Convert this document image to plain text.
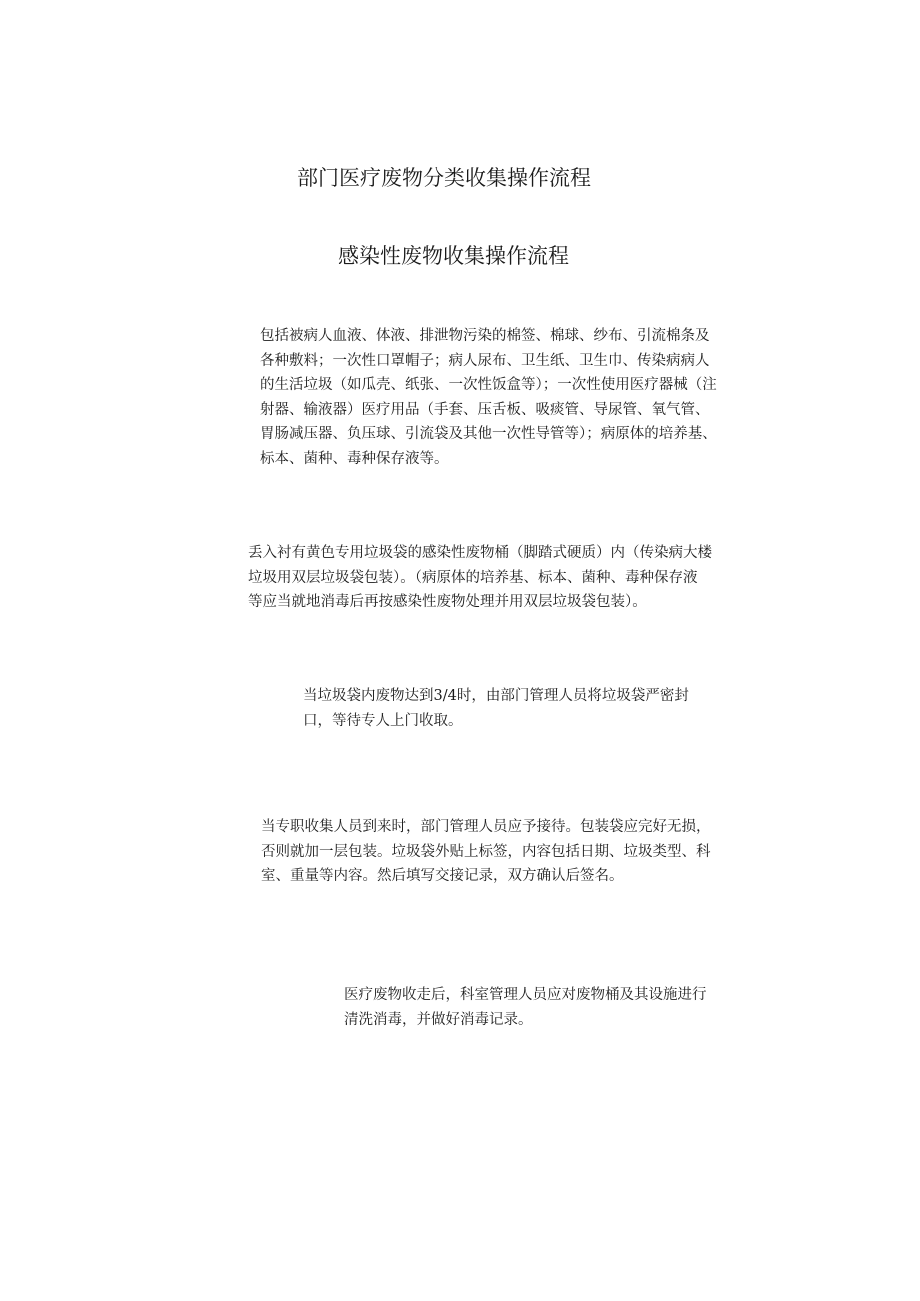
部门医疗废物分类收集操作流程
感染性废物收集操作流程
包括被病人血液、体液、排泄物污染的棉签、棉球、纱布、引流棉条及
各种敷料；一次性口罩帽子；病人尿布、卫生纸、卫生巾、传染病病人
的生活垃圾（如瓜壳、纸张、一次性饭盒等）；一次性使用医疗器械（注
射器、输液器）医疗用品（手套、压舌板、吸痰管、导尿管、氧气管、
胃肠减压器、负压球、引流袋及其他一次性导管等）；病原体的培养基、
标本、菌种、毒种保存液等。
丢入衬有黄色专用垃圾袋的感染性废物桶（脚踏式硬质）内（传染病大楼
垃圾用双层垃圾袋包装）。（病原体的培养基、标本、菌种、毒种保存液
等应当就地消毒后再按感染性废物处理并用双层垃圾袋包装）。
当垃圾袋内废物达到3/4时，由部门管理人员将垃圾袋严密封
口，等待专人上门收取。
当专职收集人员到来时，部门管理人员应予接待。包装袋应完好无损，
否则就加一层包装。垃圾袋外贴上标签，内容包括日期、垃圾类型、科
室、重量等内容。然后填写交接记录，双方确认后签名。
医疗废物收走后，科室管理人员应对废物桶及其设施进行
清洗消毒，并做好消毒记录。
